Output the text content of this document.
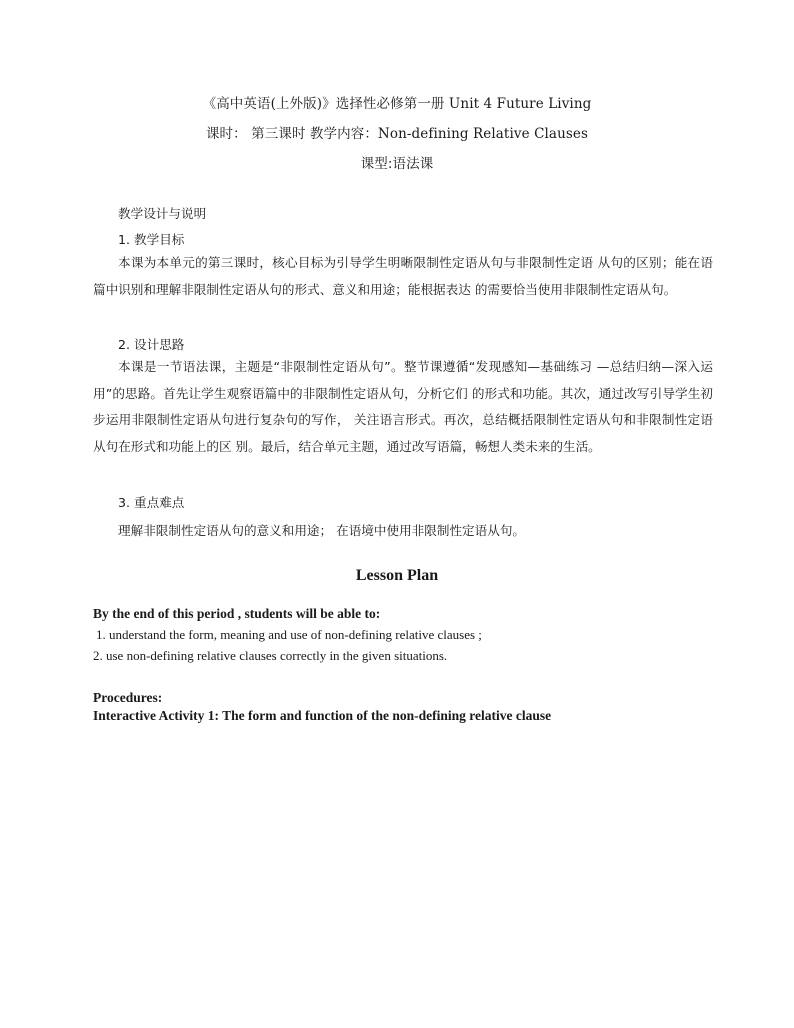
《高中英语(上外版)》选择性必修第一册 Unit 4 Future Living
课时： 第三课时 教学内容：Non-defining Relative Clauses
课型:语法课
教学设计与说明
1. 教学目标

本课为本单元的第三课时，核心目标为引导学生明晰限制性定语从句与非限制性定语 从句的区别；能在语篇中识别和理解非限制性定语从句的形式、意义和用途；能根据表达 的需要恰当使用非限制性定语从句。

2. 设计思路

本课是一节语法课，主题是“非限制性定语从句”。整节课遵循“发现感知—基础练习 —总结归纳—深入运用”的思路。首先让学生观察语篇中的非限制性定语从句，分析它们 的形式和功能。其次，通过改写引导学生初步运用非限制性定语从句进行复杂句的写作， 关注语言形式。再次，总结概括限制性定语从句和非限制性定语从句在形式和功能上的区 别。最后，结合单元主题，通过改写语篇，畅想人类未来的生活。

3. 重点难点
理解非限制性定语从句的意义和用途； 在语境中使用非限制性定语从句。
Lesson Plan
By the end of this period , students will be able to:
1. understand the form, meaning and use of non-defining relative clauses ;
2. use non-defining relative clauses correctly in the given situations.
Procedures:
Interactive Activity 1: The form and function of the non-defining relative clause
